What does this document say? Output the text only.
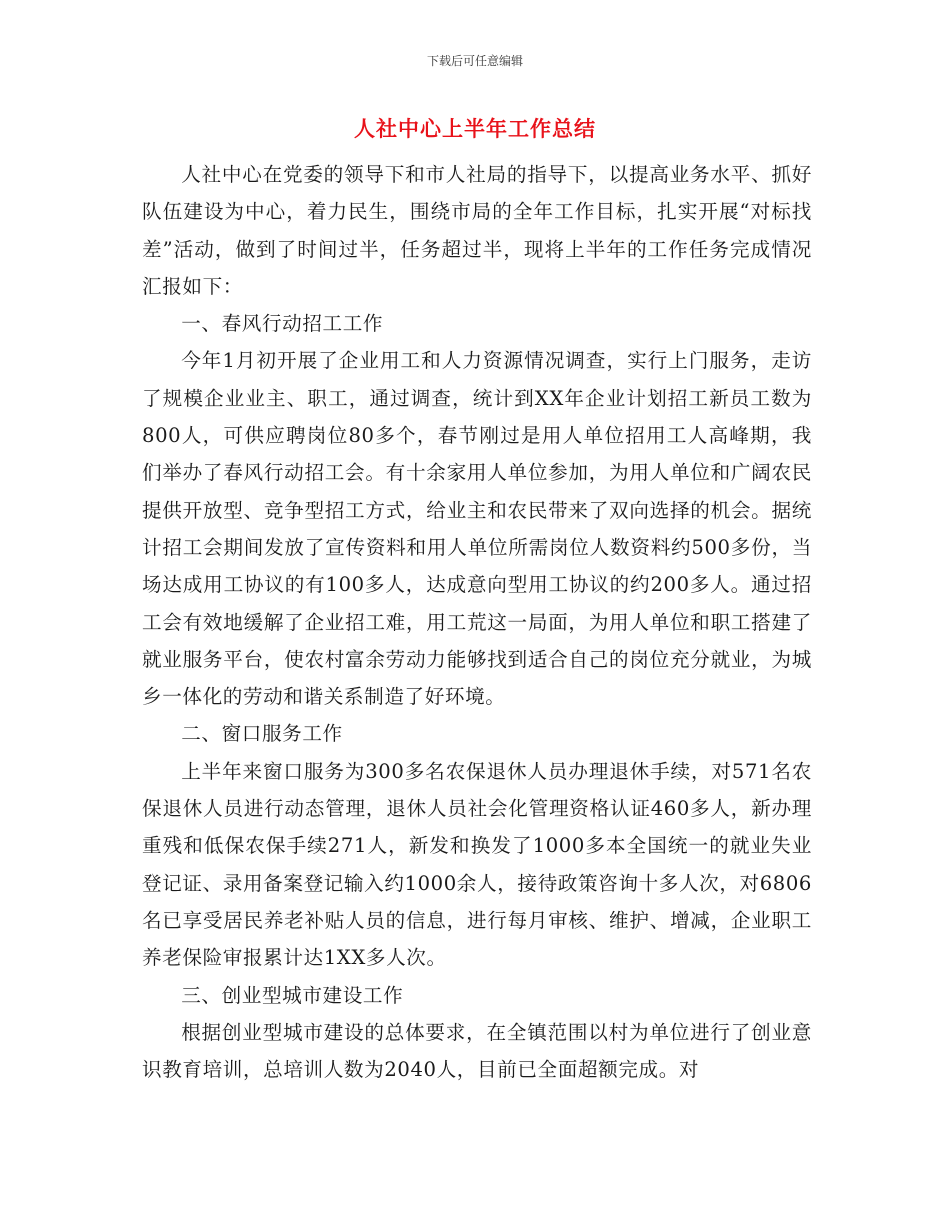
下载后可任意编辑
人社中心上半年工作总结

人社中心在党委的领导下和市人社局的指导下，以提高业务水平、抓好队伍建设为中心，着力民生，围绕市局的全年工作目标，扎实开展“对标找差”活动，做到了时间过半，任务超过半，现将上半年的工作任务完成情况汇报如下：

一、春风行动招工工作

今年1月初开展了企业用工和人力资源情况调查，实行上门服务，走访了规模企业业主、职工，通过调查，统计到XX年企业计划招工新员工数为800人，可供应聘岗位80多个，春节刚过是用人单位招用工人高峰期，我们举办了春风行动招工会。有十余家用人单位参加，为用人单位和广阔农民提供开放型、竞争型招工方式，给业主和农民带来了双向选择的机会。据统计招工会期间发放了宣传资料和用人单位所需岗位人数资料约500多份，当场达成用工协议的有100多人，达成意向型用工协议的约200多人。通过招工会有效地缓解了企业招工难，用工荒这一局面，为用人单位和职工搭建了就业服务平台，使农村富余劳动力能够找到适合自己的岗位充分就业，为城乡一体化的劳动和谐关系制造了好环境。

二、窗口服务工作

上半年来窗口服务为300多名农保退休人员办理退休手续，对571名农保退休人员进行动态管理，退休人员社会化管理资格认证460多人，新办理重残和低保农保手续271人，新发和换发了1000多本全国统一的就业失业登记证、录用备案登记输入约1000余人，接待政策咨询十多人次，对6806名已享受居民养老补贴人员的信息，进行每月审核、维护、增减，企业职工养老保险审报累计达1XX多人次。

三、创业型城市建设工作

根据创业型城市建设的总体要求，在全镇范围以村为单位进行了创业意识教育培训，总培训人数为2040人，目前已全面超额完成。对
